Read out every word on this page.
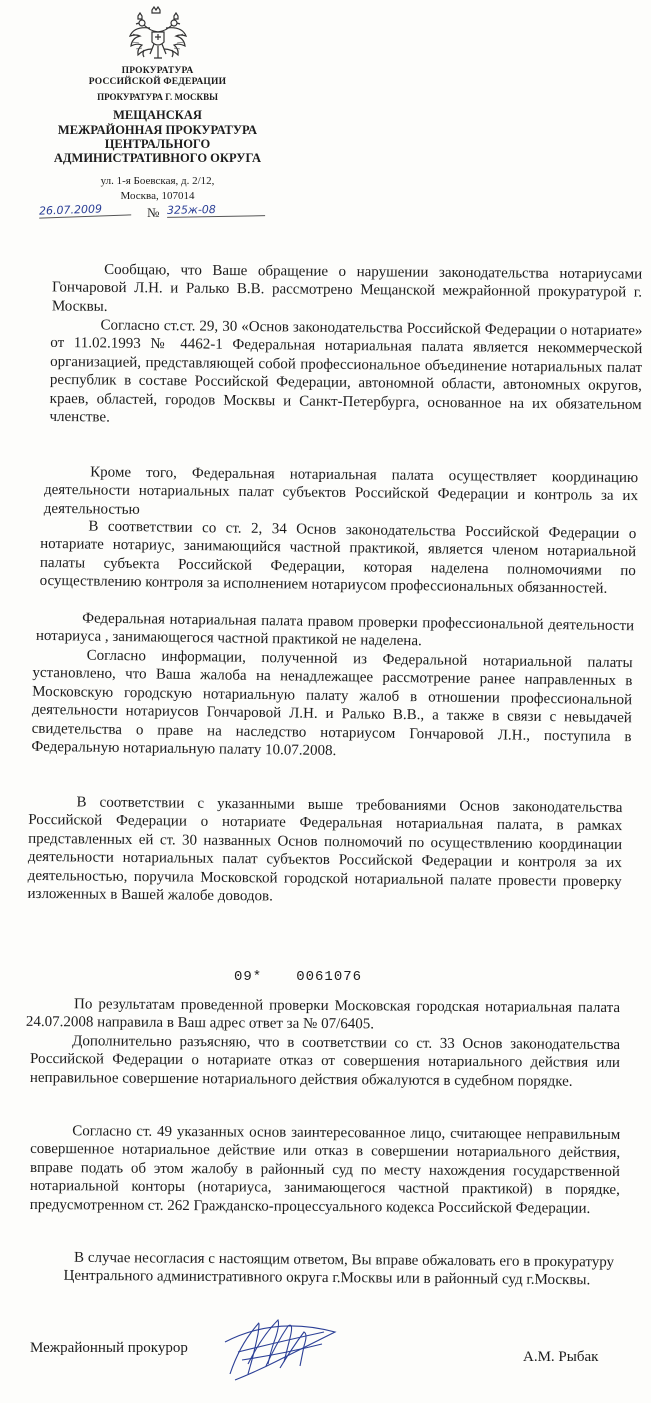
ПРОКУРАТУРА
РОССИЙСКОЙ ФЕДЕРАЦИИ
ПРОКУРАТУРА Г. МОСКВЫ
МЕЩАНСКАЯ
МЕЖРАЙОННАЯ ПРОКУРАТУРА
ЦЕНТРАЛЬНОГО
АДМИНИСТРАТИВНОГО ОКРУГА
ул. 1-я Боевская, д. 2/12,
Москва, 107014
26.07.2009	№ 325ж-08

Сообщаю, что Ваше обращение о нарушении законодательства нотариусами Гончаровой Л.Н. и Ралько В.В. рассмотрено Мещанской межрайонной прокуратурой г. Москвы.

Согласно ст.ст. 29, 30 «Основ законодательства Российской Федерации о нотариате» от 11.02.1993 № 4462-1 Федеральная нотариальная палата является некоммерческой организацией, представляющей собой профессиональное объединение нотариальных палат республик в составе Российской Федерации, автономной области, автономных округов, краев, областей, городов Москвы и Санкт-Петербурга, основанное на их обязательном членстве.

Кроме того, Федеральная нотариальная палата осуществляет координацию деятельности нотариальных палат субъектов Российской Федерации и контроль за их деятельностью

В соответствии со ст. 2, 34 Основ законодательства Российской Федерации о нотариате нотариус, занимающийся частной практикой, является членом нотариальной палаты субъекта Российской Федерации, которая наделена полномочиями по осуществлению контроля за исполнением нотариусом профессиональных обязанностей.

Федеральная нотариальная палата правом проверки профессиональной деятельности нотариуса , занимающегося частной практикой не наделена.

Согласно информации, полученной из Федеральной нотариальной палаты установлено, что Ваша жалоба на ненадлежащее рассмотрение ранее направленных в Московскую городскую нотариальную палату жалоб в отношении профессиональной деятельности нотариусов Гончаровой Л.Н. и Ралько В.В., а также в связи с невыдачей свидетельства о праве на наследство нотариусом Гончаровой Л.Н., поступила в Федеральную нотариальную палату 10.07.2008.

В соответствии с указанными выше требованиями Основ законодательства Российской Федерации о нотариате Федеральная нотариальная палата, в рамках представленных ей ст. 30 названных Основ полномочий по осуществлению координации деятельности нотариальных палат субъектов Российской Федерации и контроля за их деятельностью, поручила Московской городской нотариальной палате провести проверку изложенных в Вашей жалобе доводов.

09* 0061076

По результатам проведенной проверки Московская городская нотариальная палата 24.07.2008 направила в Ваш адрес ответ за № 07/6405.

Дополнительно разъясняю, что в соответствии со ст. 33 Основ законодательства Российской Федерации о нотариате отказ от совершения нотариального действия или неправильное совершение нотариального действия обжалуются в судебном порядке.

Согласно ст. 49 указанных основ заинтересованное лицо, считающее неправильным совершенное нотариальное действие или отказ в совершении нотариального действия, вправе подать об этом жалобу в районный суд по месту нахождения государственной нотариальной конторы (нотариуса, занимающегося частной практикой) в порядке, предусмотренном ст. 262 Гражданско-процессуального кодекса Российской Федерации.

В случае несогласия с настоящим ответом, Вы вправе обжаловать его в прокуратуру Центрального административного округа г.Москвы или в районный суд г.Москвы.

Межрайонный прокурор
А.М. Рыбак
